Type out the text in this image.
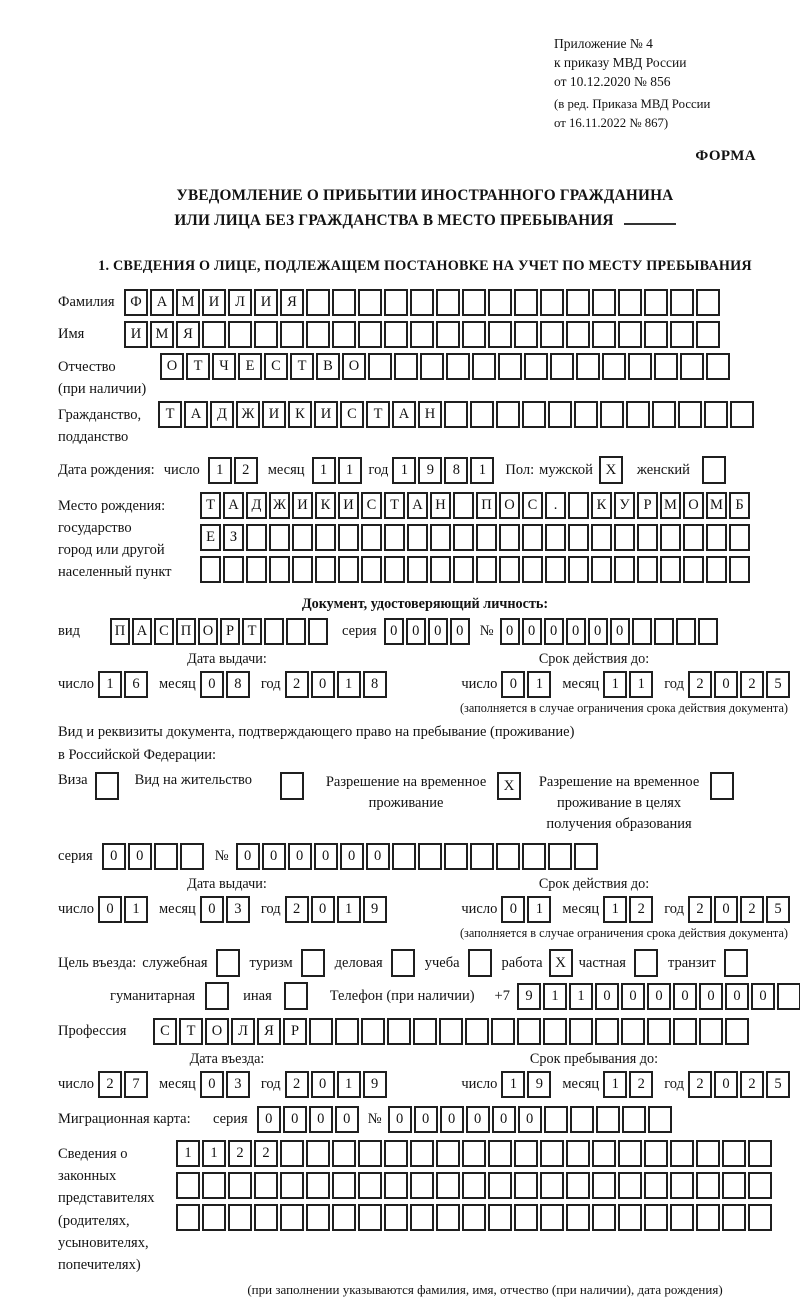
Приложение № 4
к приказу МВД России
от 10.12.2020 № 856
(в ред. Приказа МВД России
от 16.11.2022 № 867)
ФОРМА
УВЕДОМЛЕНИЕ О ПРИБЫТИИ ИНОСТРАННОГО ГРАЖДАНИНА
ИЛИ ЛИЦА БЕЗ ГРАЖДАНСТВА В МЕСТО ПРЕБЫВАНИЯ
1. СВЕДЕНИЯ О ЛИЦЕ, ПОДЛЕЖАЩЕМ ПОСТАНОВКЕ НА УЧЕТ ПО МЕСТУ ПРЕБЫВАНИЯ
Фамилия	Ф	А М И	Л	И	Я
Имя	И М	Я
Отчество
(при наличии)
О	Т	Ч	Е	С	Т	В	О
Гражданство,
подданство
Т	А	Д	Ж И	К	И	С	Т	А	Н
Дата рождения: число	1	2	месяц	1	1	год 1	9	8	1	Пол: мужской X	женский
Место рождения:
государство
город или другой
населенный пункт
Т А Д Ж И К И С Т А Н	П О С	.	К У Р М О М Б
Е	З
Документ, удостоверяющий личность:
вид	П А С П О Р Т	серия 0	0	0	0	№ 0	0	0	0	0	0
Дата выдачи:
число 1	6	месяц 0	8	год 2	0	1	8
Срок действия до:
число 0	1	месяц 1	1	год 2	0	2	5
(заполняется в случае ограничения срока действия документа)
Вид и реквизиты документа, подтверждающего право на пребывание (проживание)
в Российской Федерации:
Виза	Вид на жительство	Разрешение на временное проживание
X	Разрешение на временное проживание в целях получения образования
серия	0	0	№	0	0	0	0	0	0
Дата выдачи:
число 0	1	месяц 0	3	год 2	0	1	9
Срок действия до:
число 0	1	месяц 1	2	год 2	0	2	5
(заполняется в случае ограничения срока действия документа)
Цель въезда: служебная	туризм	деловая	учеба	работа X частная	транзит
гуманитарная	иная	Телефон (при наличии) +7	9	1	1	0	0	0	0	0	0	0
Профессия	С	Т	О	Л	Я	Р
Дата въезда:
число 2	7	месяц 0	3	год 2	0	1	9
Срок пребывания до:
число 1	9	месяц 1	2	год 2	0	2	5
Миграционная карта:	серия	0	0	0	0	№ 0	0	0	0	0	0
Сведения о законных представителях (родителях, усыновителях, попечителях)
1	1	2	2
(при заполнении указываются фамилия, имя, отчество (при наличии), дата рождения)
